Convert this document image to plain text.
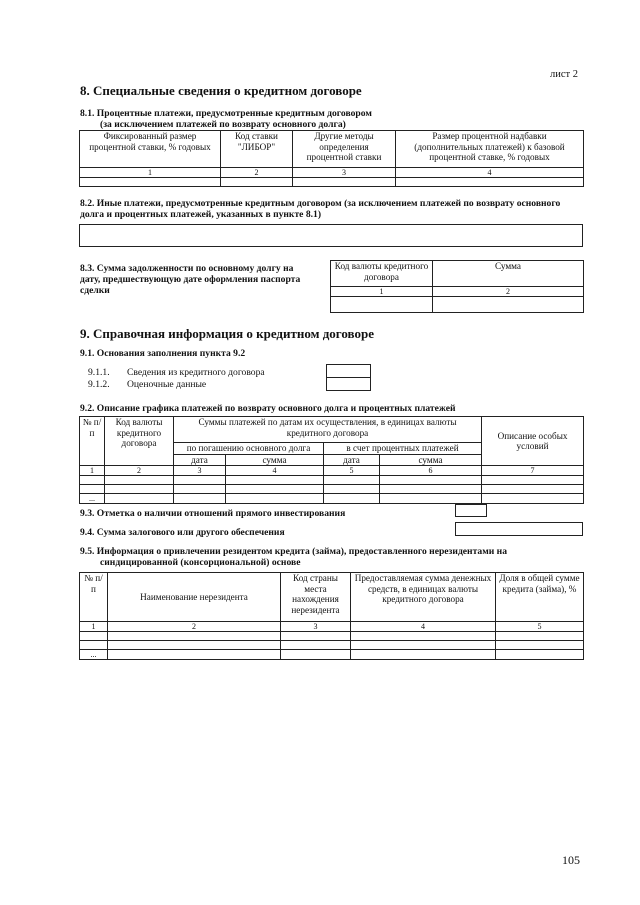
лист 2
8. Специальные сведения о кредитном договоре
8.1. Процентные платежи, предусмотренные кредитным договором
(за исключением платежей по возврату основного долга)
Фиксированный размер процентной ставки, % годовых	Код ставки "ЛИБОР"	Другие методы определения процентной ставки	Размер процентной надбавки (дополнительных платежей) к базовой процентной ставке, % годовых
1	2	3	4

8.2. Иные платежи, предусмотренные кредитным договором (за исключением платежей по возврату основного долга и процентных платежей, указанных в пункте 8.1)
8.3. Сумма задолженности по основному долгу на дату, предшествующую дате оформления паспорта сделки
Код валюты кредитного договора	Сумма
1	2

9. Справочная информация о кредитном договоре
9.1. Основания заполнения пункта 9.2
9.1.1. Сведения из кредитного договора
9.1.2. Оценочные данные
9.2. Описание графика платежей по возврату основного долга и процентных платежей
№ п/п	Код валюты кредитного договора	Суммы платежей по датам их осуществления, в единицах валюты кредитного договора				Описание особых условий
		по погашению основного долга		в счет процентных платежей		
		дата	сумма	дата	сумма	
1	2	3	4	5	6	7

...						
9.3. Отметка о наличии отношений прямого инвестирования
9.4. Сумма залогового или другого обеспечения
9.5. Информация о привлечении резидентом кредита (займа), предоставленного нерезидентами на
синдицированной (консорциональной) основе
№ п/п	Наименование нерезидента	Код страны места нахождения нерезидента	Предоставляемая сумма денежных средств, в единицах валюты кредитного договора	Доля в общей сумме кредита (займа), %
1	2	3	4	5

...				
105
